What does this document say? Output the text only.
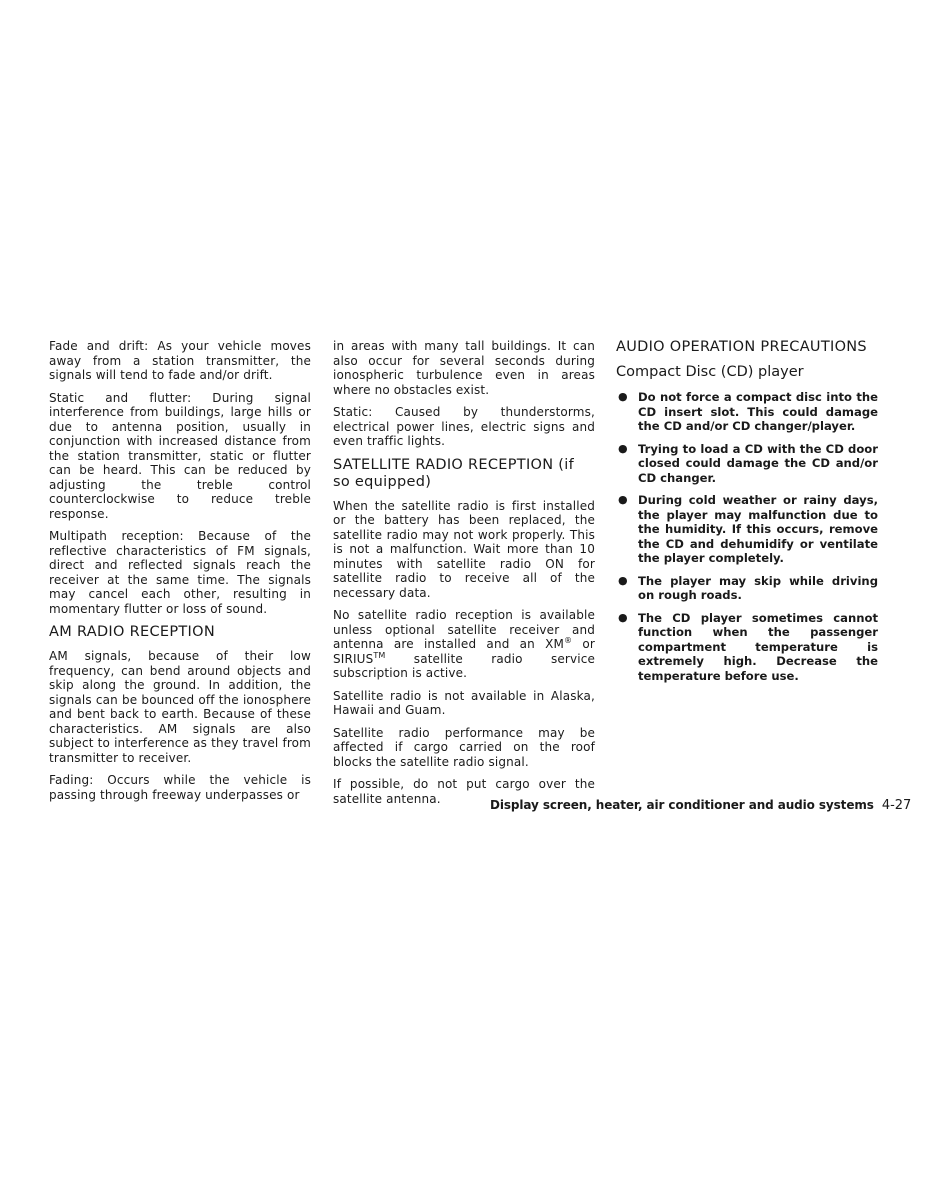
Fade and drift: As your vehicle moves away from a station transmitter, the signals will tend to fade and/or drift.

Static and flutter: During signal interference from buildings, large hills or due to antenna position, usually in conjunction with increased distance from the station transmitter, static or flutter can be heard. This can be reduced by adjusting the treble control counterclockwise to reduce treble response.

Multipath reception: Because of the reflective characteristics of FM signals, direct and reflected signals reach the receiver at the same time. The signals may cancel each other, resulting in momentary flutter or loss of sound.

AM RADIO RECEPTION

AM signals, because of their low frequency, can bend around objects and skip along the ground. In addition, the signals can be bounced off the ionosphere and bent back to earth. Because of these characteristics. AM signals are also subject to interference as they travel from transmitter to receiver.

Fading: Occurs while the vehicle is passing through freeway underpasses or

in areas with many tall buildings. It can also occur for several seconds during ionospheric turbulence even in areas where no obstacles exist.

Static: Caused by thunderstorms, electrical power lines, electric signs and even traffic lights.

SATELLITE RADIO RECEPTION (if so equipped)

When the satellite radio is first installed or the battery has been replaced, the satellite radio may not work properly. This is not a malfunction. Wait more than 10 minutes with satellite radio ON for satellite radio to receive all of the necessary data.

No satellite radio reception is available unless optional satellite receiver and antenna are installed and an XM® or SIRIUS™ satellite radio service subscription is active.

Satellite radio is not available in Alaska, Hawaii and Guam.

Satellite radio performance may be affected if cargo carried on the roof blocks the satellite radio signal.

If possible, do not put cargo over the satellite antenna.

AUDIO OPERATION PRECAUTIONS
Compact Disc (CD) player
● Do not force a compact disc into the CD insert slot. This could damage the CD and/or CD changer/player.
● Trying to load a CD with the CD door closed could damage the CD and/or CD changer.
● During cold weather or rainy days, the player may malfunction due to the humidity. If this occurs, remove the CD and dehumidify or ventilate the player completely.
● The player may skip while driving on rough roads.
● The CD player sometimes cannot function when the passenger compartment temperature is extremely high. Decrease the temperature before use.
Display screen, heater, air conditioner and audio systems 4-27
